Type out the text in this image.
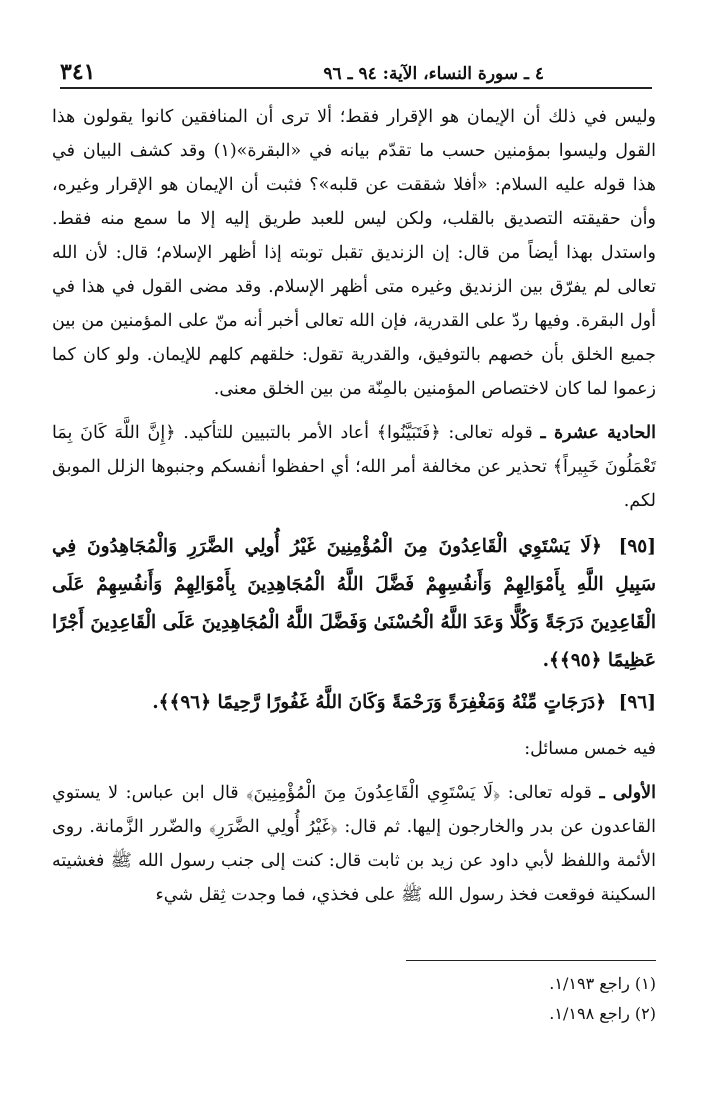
٤ ـ سورة النساء، الآية: ٩٤ ـ ٩٦
٣٤١

وليس في ذلك أن الإيمان هو الإقرار فقط؛ ألا ترى أن المنافقين كانوا يقولون هذا القول وليسوا بمؤمنين حسب ما تقدّم بيانه في «البقرة»(١) وقد كشف البيان في هذا قوله عليه السلام: «أفلا شققت عن قلبه»؟ فثبت أن الإيمان هو الإقرار وغيره، وأن حقيقته التصديق بالقلب، ولكن ليس للعبد طريق إليه إلا ما سمع منه فقط. واستدل بهذا أيضاً من قال: إن الزنديق تقبل توبته إذا أظهر الإسلام؛ قال: لأن الله تعالى لم يفرّق بين الزنديق وغيره متى أظهر الإسلام. وقد مضى القول في هذا في أول البقرة. وفيها ردّ على القدرية، فإن الله تعالى أخبر أنه منّ على المؤمنين من بين جميع الخلق بأن خصهم بالتوفيق، والقدرية تقول: خلقهم كلهم للإيمان. ولو كان كما زعموا لما كان لاختصاص المؤمنين بالمِنّة من بين الخلق معنى.

الحادية عشرة ـ قوله تعالى: ﴿فَتَبَيَّنُوا﴾ أعاد الأمر بالتبيين للتأكيد. ﴿إِنَّ اللَّهَ كَانَ بِمَا تَعْمَلُونَ خَبِيراً﴾ تحذير عن مخالفة أمر الله؛ أي احفظوا أنفسكم وجنبوها الزلل الموبق لكم.

[٩٥] ﴿لَا يَسْتَوِي الْقَاعِدُونَ مِنَ الْمُؤْمِنِينَ غَيْرُ أُولِي الضَّرَرِ وَالْمُجَاهِدُونَ فِي سَبِيلِ اللَّهِ بِأَمْوَالِهِمْ وَأَنفُسِهِمْ فَضَّلَ اللَّهُ الْمُجَاهِدِينَ بِأَمْوَالِهِمْ وَأَنفُسِهِمْ عَلَى الْقَاعِدِينَ دَرَجَةً وَكُلًّا وَعَدَ اللَّهُ الْحُسْنَىٰ وَفَضَّلَ اللَّهُ الْمُجَاهِدِينَ عَلَى الْقَاعِدِينَ أَجْرًا عَظِيمًا ﴿٩٥﴾﴾.

[٩٦] ﴿دَرَجَاتٍ مِّنْهُ وَمَغْفِرَةً وَرَحْمَةً وَكَانَ اللَّهُ غَفُورًا رَّحِيمًا ﴿٩٦﴾﴾.

فيه خمس مسائل:

الأولى ـ قوله تعالى: ﴿لَا يَسْتَوِي الْقَاعِدُونَ مِنَ الْمُؤْمِنِينَ﴾ قال ابن عباس: لا يستوي القاعدون عن بدر والخارجون إليها. ثم قال: ﴿غَيْرُ أُولِي الضَّرَرِ﴾ والضّرر الزَّمانة. روى الأئمة واللفظ لأبي داود عن زيد بن ثابت قال: كنت إلى جنب رسول الله ﷺ فغشيته السكينة فوقعت فخذ رسول الله ﷺ على فخذي، فما وجدت ثِقل شيء

(١) راجع ١/١٩٣.

(٢) راجع ١/١٩٨.
